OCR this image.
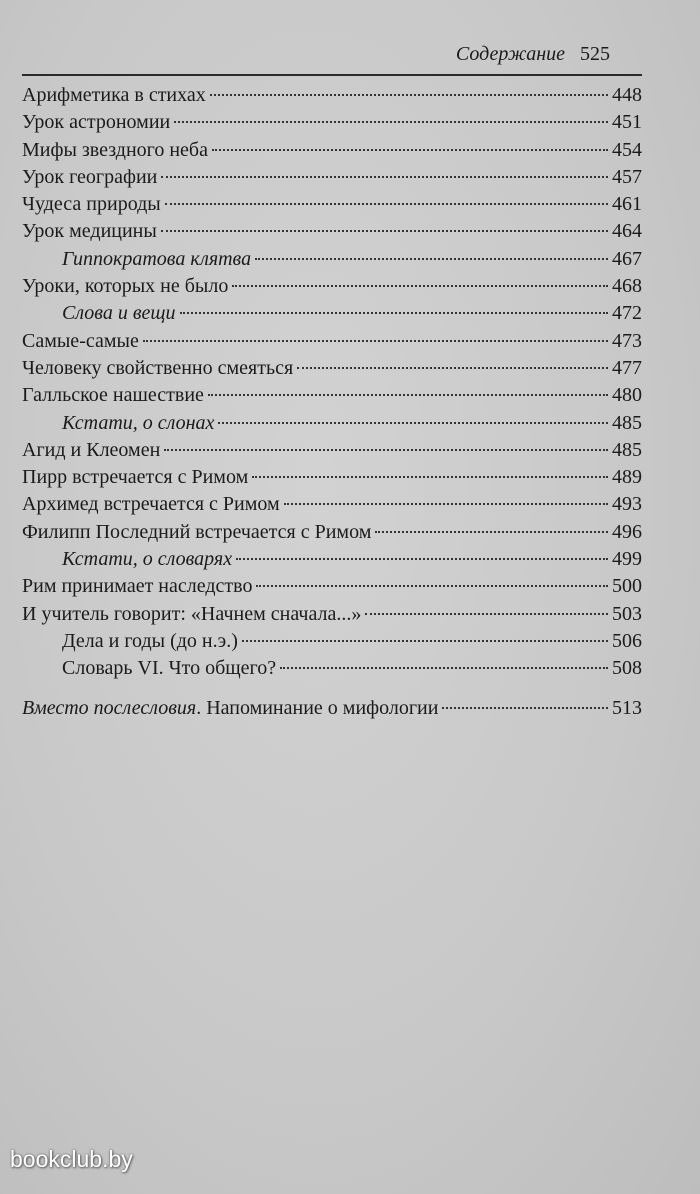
Содержание 525
Арифметика в стихах	448
Урок астрономии	451
Мифы звездного неба	454
Урок географии	457
Чудеса природы	461
Урок медицины	464
Гиппократова клятва	467
Уроки, которых не было	468
Слова и вещи	472
Самые-самые	473
Человеку свойственно смеяться	477
Галльское нашествие	480
Кстати, о слонах	485
Агид и Клеомен	485
Пирр встречается с Римом	489
Архимед встречается с Римом	493
Филипп Последний встречается с Римом	496
Кстати, о словарях	499
Рим принимает наследство	500
И учитель говорит: «Начнем сначала...»	503
Дела и годы (до н.э.)	506
Словарь VI. Что общего?	508
Вместо послесловия. Напоминание о мифологии	513
bookclub.by
